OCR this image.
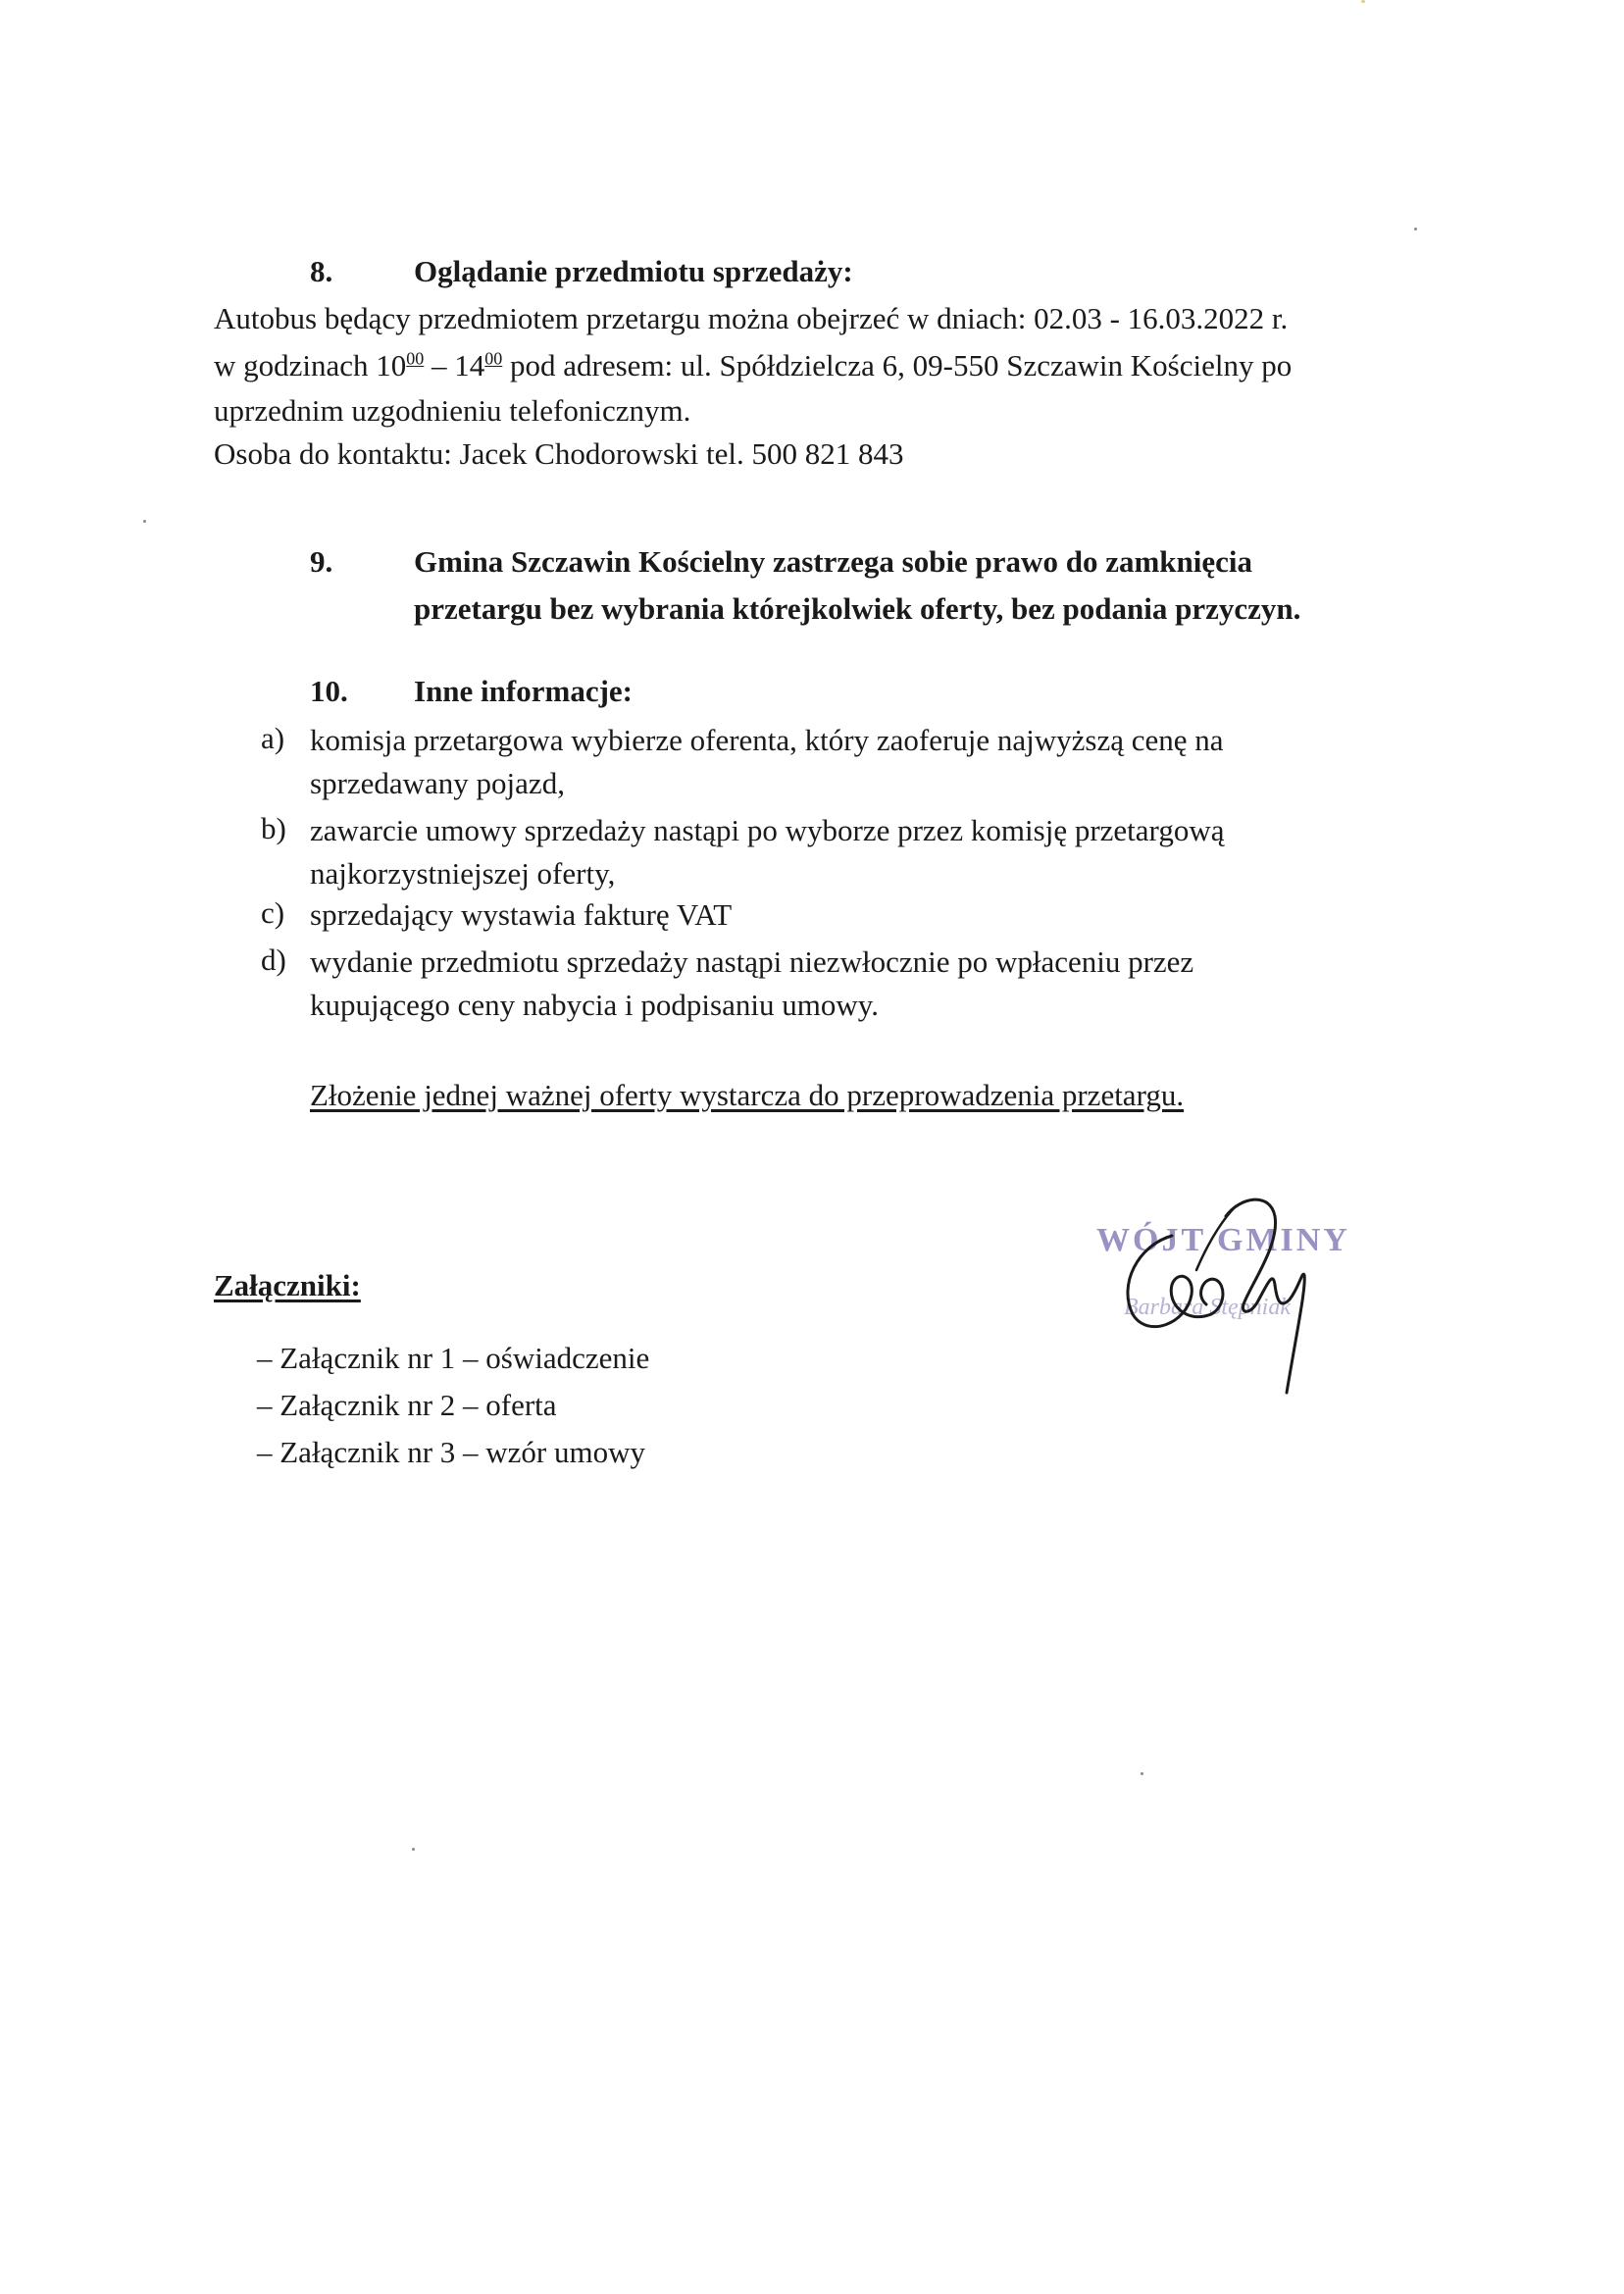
8.	Oglądanie przedmiotu sprzedaży:
Autobus będący przedmiotem przetargu można obejrzeć w dniach: 02.03 - 16.03.2022 r.
w godzinach $10^{00} - 14^{00}$ pod adresem: ul. Spółdzielcza 6, 09-550 Szczawin Kościelny po
uprzednim uzgodnieniu telefonicznym.
Osoba do kontaktu: Jacek Chodorowski tel. 500 821 843
9.	Gmina Szczawin Kościelny zastrzega sobie prawo do zamknięcia
przetargu bez wybrania którejkolwiek oferty, bez podania przyczyn.
10. Inne informacje:
a) komisja przetargowa wybierze oferenta, który zaoferuje najwyższą cenę na
sprzedawany pojazd,
b) zawarcie umowy sprzedaży nastąpi po wyborze przez komisję przetargową
najkorzystniejszej oferty,
c) sprzedający wystawia fakturę VAT
d) wydanie przedmiotu sprzedaży nastąpi niezwłocznie po wpłaceniu przez
kupującego ceny nabycia i podpisaniu umowy.
Złożenie jednej ważnej oferty wystarcza do przeprowadzenia przetargu.
Załączniki:
– Załącznik nr 1 – oświadczenie
– Załącznik nr 2 – oferta
– Załącznik nr 3 – wzór umowy
WÓJT GMINY
Barbara Stępniak
